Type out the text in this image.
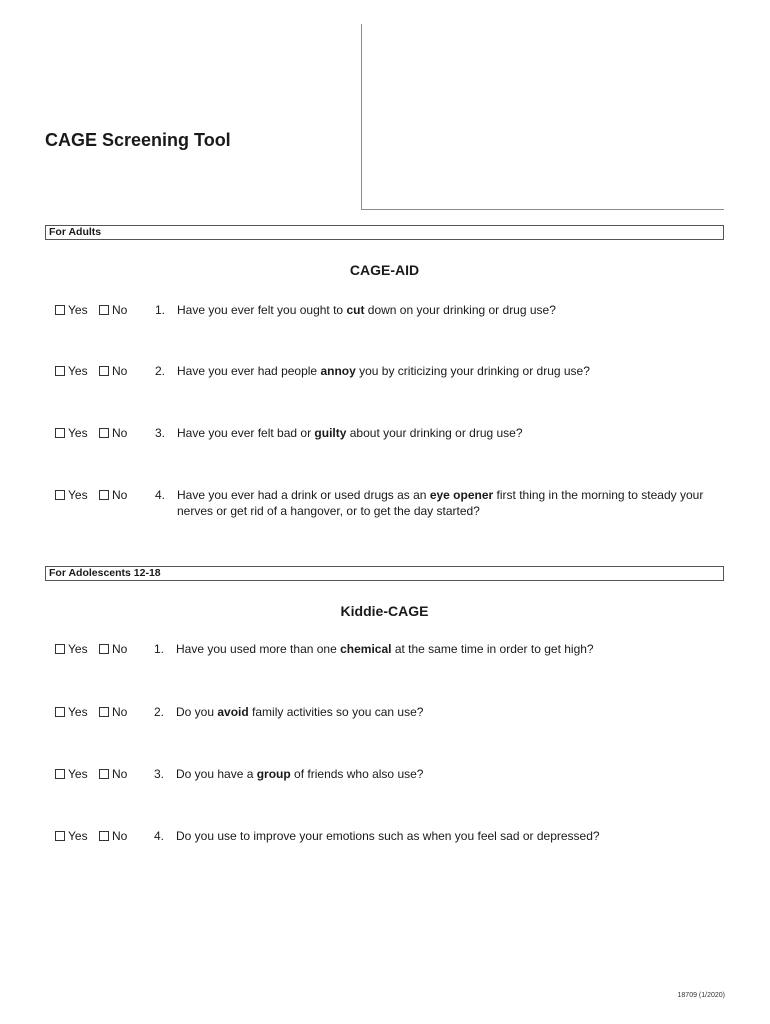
CAGE Screening Tool
For Adults
CAGE-AID
Yes No	1. Have you ever felt you ought to cut down on your drinking or drug use?
Yes No	2. Have you ever had people annoy you by criticizing your drinking or drug use?
Yes No	3. Have you ever felt bad or guilty about your drinking or drug use?
Yes No	4. Have you ever had a drink or used drugs as an eye opener first thing in the morning to steady your nerves or get rid of a hangover, or to get the day started?
For Adolescents 12-18
Kiddie-CAGE
Yes No	1. Have you used more than one chemical at the same time in order to get high?
Yes No	2. Do you avoid family activities so you can use?
Yes No	3. Do you have a group of friends who also use?
Yes No	4. Do you use to improve your emotions such as when you feel sad or depressed?
18709 (1/2020)
